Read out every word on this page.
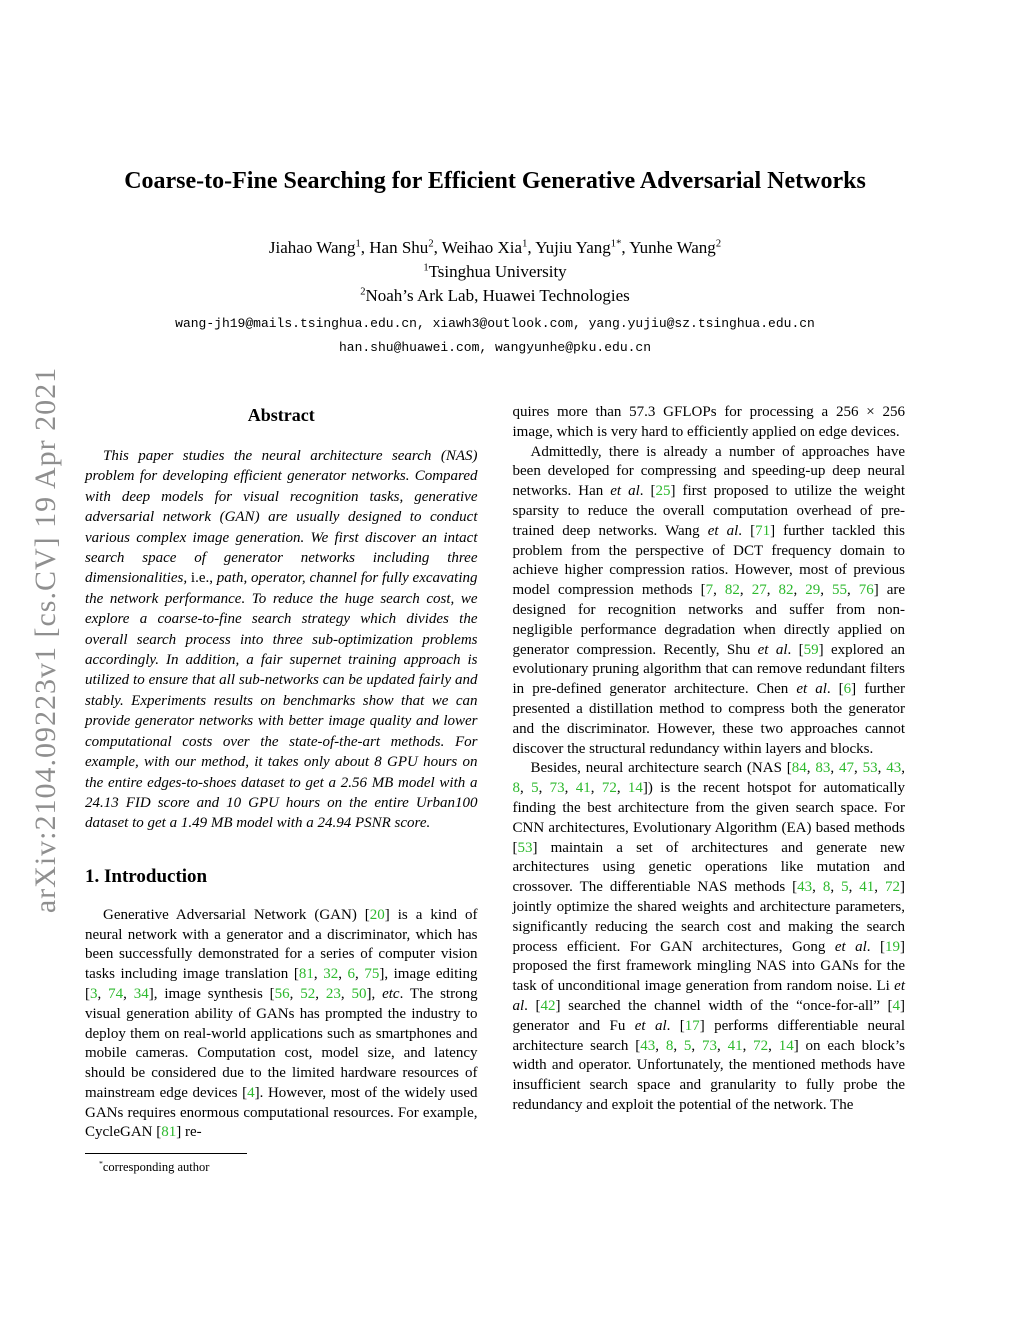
arXiv:2104.09223v1 [cs.CV] 19 Apr 2021
Coarse-to-Fine Searching for Efficient Generative Adversarial Networks
Jiahao Wang$^1$, Han Shu$^2$, Weihao Xia$^1$, Yujiu Yang$^{1*}$, Yunhe Wang$^2$
$^1$Tsinghua University
$^2$Noah’s Ark Lab, Huawei Technologies
wang-jh19@mails.tsinghua.edu.cn, xiawh3@outlook.com, yang.yujiu@sz.tsinghua.edu.cn
han.shu@huawei.com, wangyunhe@pku.edu.cn
Abstract

This paper studies the neural architecture search (NAS) problem for developing efficient generator networks. Compared with deep models for visual recognition tasks, generative adversarial network (GAN) are usually designed to conduct various complex image generation. We first discover an intact search space of generator networks including three dimensionalities, i.e., path, operator, channel for fully excavating the network performance. To reduce the huge search cost, we explore a coarse-to-fine search strategy which divides the overall search process into three sub-optimization problems accordingly. In addition, a fair supernet training approach is utilized to ensure that all sub-networks can be updated fairly and stably. Experiments results on benchmarks show that we can provide generator networks with better image quality and lower computational costs over the state-of-the-art methods. For example, with our method, it takes only about 8 GPU hours on the entire edges-to-shoes dataset to get a 2.56 MB model with a 24.13 FID score and 10 GPU hours on the entire Urban100 dataset to get a 1.49 MB model with a 24.94 PSNR score.

1. Introduction

Generative Adversarial Network (GAN) [20] is a kind of neural network with a generator and a discriminator, which has been successfully demonstrated for a series of computer vision tasks including image translation [81, 32, 6, 75], image editing [3, 74, 34], image synthesis [56, 52, 23, 50], etc. The strong visual generation ability of GANs has prompted the industry to deploy them on real-world applications such as smartphones and mobile cameras. Computation cost, model size, and latency should be considered due to the limited hardware resources of mainstream edge devices [4]. However, most of the widely used GANs requires enormous computational resources. For example, CycleGAN [81] re-

*corresponding author

quires more than 57.3 GFLOPs for processing a 256 × 256 image, which is very hard to efficiently applied on edge devices.

Admittedly, there is already a number of approaches have been developed for compressing and speeding-up deep neural networks. Han et al. [25] first proposed to utilize the weight sparsity to reduce the overall computation overhead of pre-trained deep networks. Wang et al. [71] further tackled this problem from the perspective of DCT frequency domain to achieve higher compression ratios. However, most of previous model compression methods [7, 82, 27, 82, 29, 55, 76] are designed for recognition networks and suffer from non-negligible performance degradation when directly applied on generator compression. Recently, Shu et al. [59] explored an evolutionary pruning algorithm that can remove redundant filters in pre-defined generator architecture. Chen et al. [6] further presented a distillation method to compress both the generator and the discriminator. However, these two approaches cannot discover the structural redundancy within layers and blocks.

Besides, neural architecture search (NAS [84, 83, 47, 53, 43, 8, 5, 73, 41, 72, 14]) is the recent hotspot for automatically finding the best architecture from the given search space. For CNN architectures, Evolutionary Algorithm (EA) based methods [53] maintain a set of architectures and generate new architectures using genetic operations like mutation and crossover. The differentiable NAS methods [43, 8, 5, 41, 72] jointly optimize the shared weights and architecture parameters, significantly reducing the search cost and making the search process efficient. For GAN architectures, Gong et al. [19] proposed the first framework mingling NAS into GANs for the task of unconditional image generation from random noise. Li et al. [42] searched the channel width of the “once-for-all” [4] generator and Fu et al. [17] performs differentiable neural architecture search [43, 8, 5, 73, 41, 72, 14] on each block’s width and operator. Unfortunately, the mentioned methods have insufficient search space and granularity to fully probe the redundancy and exploit the potential of the network. The
